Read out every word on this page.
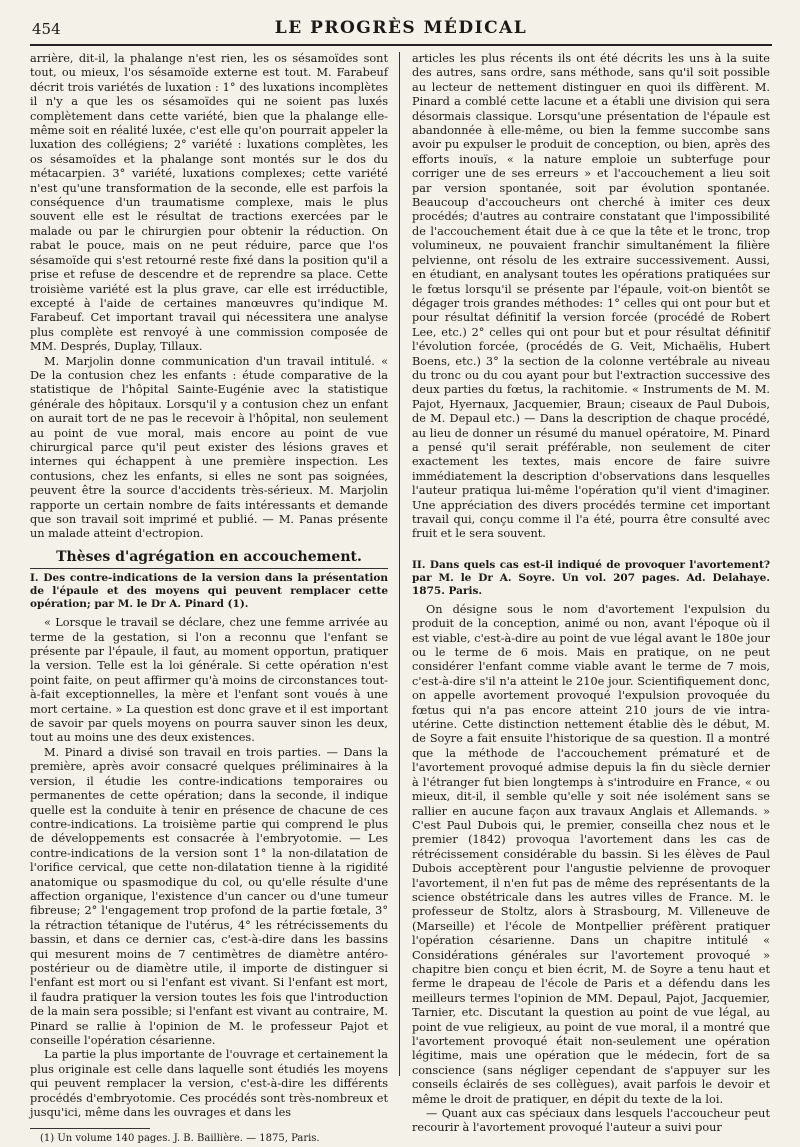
454	LE PROGRÈS MÉDICAL

arrière, dit-il, la phalange n'est rien, les os sésamoïdes sont tout, ou mieux, l'os sésamoïde externe est tout. M. Farabeuf décrit trois variétés de luxation : 1° des luxations incomplètes il n'y a que les os sésamoïdes qui ne soient pas luxés complètement dans cette variété, bien que la phalange elle-même soit en réalité luxée, c'est elle qu'on pourrait appeler la luxation des collégiens; 2° variété : luxations complètes, les os sésamoïdes et la phalange sont montés sur le dos du métacarpien. 3° variété, luxations complexes; cette variété n'est qu'une transformation de la seconde, elle est parfois la conséquence d'un traumatisme complexe, mais le plus souvent elle est le résultat de tractions exercées par le malade ou par le chirurgien pour obtenir la réduction. On rabat le pouce, mais on ne peut réduire, parce que l'os sésamoïde qui s'est retourné reste fixé dans la position qu'il a prise et refuse de descendre et de reprendre sa place. Cette troisième variété est la plus grave, car elle est irréductible, excepté à l'aide de certaines manœuvres qu'indique M. Farabeuf. Cet important travail qui nécessitera une analyse plus complète est renvoyé à une commission composée de MM. Després, Duplay, Tillaux.

M. Marjolin donne communication d'un travail intitulé. « De la contusion chez les enfants : étude comparative de la statistique de l'hôpital Sainte-Eugénie avec la statistique générale des hôpitaux. Lorsqu'il y a contusion chez un enfant on aurait tort de ne pas le recevoir à l'hôpital, non seulement au point de vue moral, mais encore au point de vue chirurgical parce qu'il peut exister des lésions graves et internes qui échappent à une première inspection. Les contusions, chez les enfants, si elles ne sont pas soignées, peuvent être la source d'accidents très-sérieux. M. Marjolin rapporte un certain nombre de faits intéressants et demande que son travail soit imprimé et publié. — M. Panas présente un malade atteint d'ectropion.

Thèses d'agrégation en accouchement.

I. Des contre-indications de la version dans la présentation de l'épaule et des moyens qui peuvent remplacer cette opération; par M. le Dr A. Pinard (1).

« Lorsque le travail se déclare, chez une femme arrivée au terme de la gestation, si l'on a reconnu que l'enfant se présente par l'épaule, il faut, au moment opportun, pratiquer la version. Telle est la loi générale. Si cette opération n'est point faite, on peut affirmer qu'à moins de circonstances tout-à-fait exceptionnelles, la mère et l'enfant sont voués à une mort certaine. » La question est donc grave et il est important de savoir par quels moyens on pourra sauver sinon les deux, tout au moins une des deux existences.

M. Pinard a divisé son travail en trois parties. — Dans la première, après avoir consacré quelques préliminaires à la version, il étudie les contre-indications temporaires ou permanentes de cette opération; dans la seconde, il indique quelle est la conduite à tenir en présence de chacune de ces contre-indications. La troisième partie qui comprend le plus de développements est consacrée à l'embryotomie. — Les contre-indications de la version sont 1° la non-dilatation de l'orifice cervical, que cette non-dilatation tienne à la rigidité anatomique ou spasmodique du col, ou qu'elle résulte d'une affection organique, l'existence d'un cancer ou d'une tumeur fibreuse; 2° l'engagement trop profond de la partie fœtale, 3° la rétraction tétanique de l'utérus, 4° les rétrécissements du bassin, et dans ce dernier cas, c'est-à-dire dans les bassins qui mesurent moins de 7 centimètres de diamètre antéro-postérieur ou de diamètre utile, il importe de distinguer si l'enfant est mort ou si l'enfant est vivant. Si l'enfant est mort, il faudra pratiquer la version toutes les fois que l'introduction de la main sera possible; si l'enfant est vivant au contraire, M. Pinard se rallie à l'opinion de M. le professeur Pajot et conseille l'opération césarienne.

La partie la plus importante de l'ouvrage et certainement la plus originale est celle dans laquelle sont étudiés les moyens qui peuvent remplacer la version, c'est-à-dire les différents procédés d'embryotomie. Ces procédés sont très-nombreux et jusqu'ici, même dans les ouvrages et dans les

(1) Un volume 140 pages. J. B. Baillière. — 1875, Paris.

articles les plus récents ils ont été décrits les uns à la suite des autres, sans ordre, sans méthode, sans qu'il soit possible au lecteur de nettement distinguer en quoi ils diffèrent. M. Pinard a comblé cette lacune et a établi une division qui sera désormais classique. Lorsqu'une présentation de l'épaule est abandonnée à elle-même, ou bien la femme succombe sans avoir pu expulser le produit de conception, ou bien, après des efforts inouïs, « la nature emploie un subterfuge pour corriger une de ses erreurs » et l'accouchement a lieu soit par version spontanée, soit par évolution spontanée. Beaucoup d'accoucheurs ont cherché à imiter ces deux procédés; d'autres au contraire constatant que l'impossibilité de l'accouchement était due à ce que la tête et le tronc, trop volumineux, ne pouvaient franchir simultanément la filière pelvienne, ont résolu de les extraire successivement. Aussi, en étudiant, en analysant toutes les opérations pratiquées sur le fœtus lorsqu'il se présente par l'épaule, voit-on bientôt se dégager trois grandes méthodes: 1° celles qui ont pour but et pour résultat définitif la version forcée (procédé de Robert Lee, etc.) 2° celles qui ont pour but et pour résultat définitif l'évolution forcée, (procédés de G. Veit, Michaëlis, Hubert Boens, etc.) 3° la section de la colonne vertébrale au niveau du tronc ou du cou ayant pour but l'extraction successive des deux parties du fœtus, la rachitomie. « Instruments de M. M. Pajot, Hyernaux, Jacquemier, Braun; ciseaux de Paul Dubois, de M. Depaul etc.) — Dans la description de chaque procédé, au lieu de donner un résumé du manuel opératoire, M. Pinard a pensé qu'il serait préférable, non seulement de citer exactement les textes, mais encore de faire suivre immédiatement la description d'observations dans lesquelles l'auteur pratiqua lui-même l'opération qu'il vient d'imaginer. Une appréciation des divers procédés termine cet important travail qui, conçu comme il l'a été, pourra être consulté avec fruit et le sera souvent.

II. Dans quels cas est-il indiqué de provoquer l'avortement? par M. le Dr A. Soyre. Un vol. 207 pages. Ad. Delahaye. 1875. Paris.

On désigne sous le nom d'avortement l'expulsion du produit de la conception, animé ou non, avant l'époque où il est viable, c'est-à-dire au point de vue légal avant le 180e jour ou le terme de 6 mois. Mais en pratique, on ne peut considérer l'enfant comme viable avant le terme de 7 mois, c'est-à-dire s'il n'a atteint le 210e jour. Scientifiquement donc, on appelle avortement provoqué l'expulsion provoquée du fœtus qui n'a pas encore atteint 210 jours de vie intra-utérine. Cette distinction nettement établie dès le début, M. de Soyre a fait ensuite l'historique de sa question. Il a montré que la méthode de l'accouchement prématuré et de l'avortement provoqué admise depuis la fin du siècle dernier à l'étranger fut bien longtemps à s'introduire en France, « ou mieux, dit-il, il semble qu'elle y soit née isolément sans se rallier en aucune façon aux travaux Anglais et Allemands. » C'est Paul Dubois qui, le premier, conseilla chez nous et le premier (1842) provoqua l'avortement dans les cas de rétrécissement considérable du bassin. Si les élèves de Paul Dubois acceptèrent pour l'angustie pelvienne de provoquer l'avortement, il n'en fut pas de même des représentants de la science obstétricale dans les autres villes de France. M. le professeur de Stoltz, alors à Strasbourg, M. Villeneuve de (Marseille) et l'école de Montpellier préfèrent pratiquer l'opération césarienne. Dans un chapitre intitulé « Considérations générales sur l'avortement provoqué » chapitre bien conçu et bien écrit, M. de Soyre a tenu haut et ferme le drapeau de l'école de Paris et a défendu dans les meilleurs termes l'opinion de MM. Depaul, Pajot, Jacquemier, Tarnier, etc. Discutant la question au point de vue légal, au point de vue religieux, au point de vue moral, il a montré que l'avortement provoqué était non-seulement une opération légitime, mais une opération que le médecin, fort de sa conscience (sans négliger cependant de s'appuyer sur les conseils éclairés de ses collègues), avait parfois le devoir et même le droit de pratiquer, en dépit du texte de la loi.

— Quant aux cas spéciaux dans lesquels l'accoucheur peut recourir à l'avortement provoqué l'auteur a suivi pour
